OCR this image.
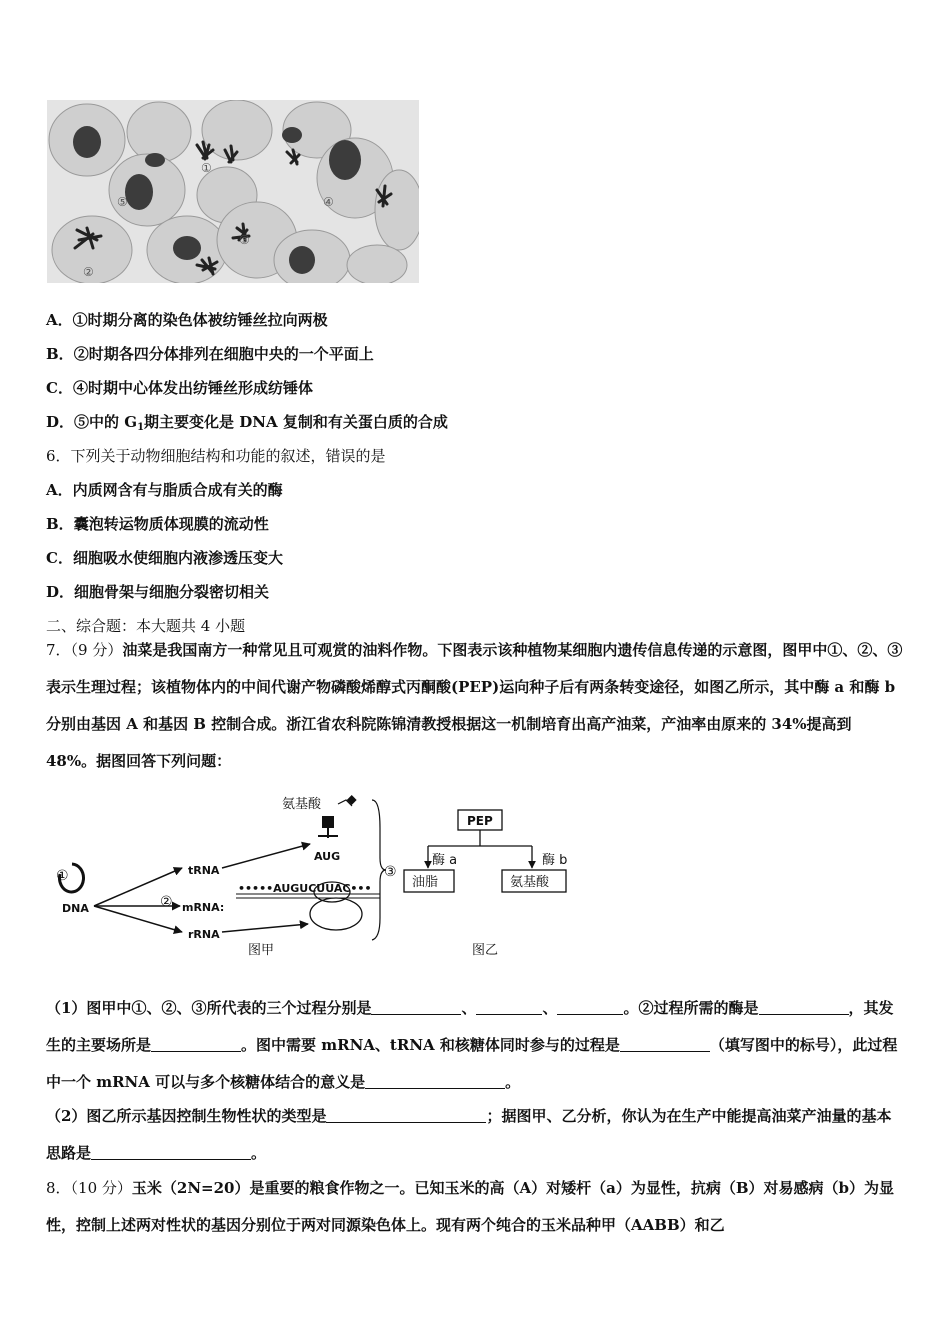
①
②
③
④
⑤
A．①时期分离的染色体被纺锤丝拉向两极
B．②时期各四分体排列在细胞中央的一个平面上
C．④时期中心体发出纺锤丝形成纺锤体
D．⑤中的 $G_1$期主要变化是 DNA 复制和有关蛋白质的合成
6．下列关于动物细胞结构和功能的叙述，错误的是
A．内质网含有与脂质合成有关的酶
B．囊泡转运物质体现膜的流动性
C．细胞吸水使细胞内液渗透压变大
D．细胞骨架与细胞分裂密切相关
二、综合题：本大题共 4 小题
7．（9 分）油菜是我国南方一种常见且可观赏的油料作物。下图表示该种植物某细胞内遗传信息传递的示意图，图甲中①、②、③表示生理过程；该植物体内的中间代谢产物磷酸烯醇式丙酮酸(PEP)运向种子后有两条转变途径，如图乙所示，其中酶 a 和酶 b 分别由基因 A 和基因 B 控制合成。浙江省农科院陈锦清教授根据这一机制培育出高产油菜，产油率由原来的 34%提高到 48%。据图回答下列问题：
①
DNA	②
tRNA
mRNA:
rRNA
氨基酸
AUG
•••••AUGUCUUAC•••
③
图甲
PEP
酶 a	酶 b
油脂	氨基酸
图乙
（1）图甲中①、②、③所代表的三个过程分别是	、	、	。②过程所需的酶是	，其发生的主要场所是	。图中需要 mRNA、tRNA 和核糖体同时参与的过程是	（填写图中的标号），此过程中一个 mRNA 可以与多个核糖体结合的意义是	。
（2）图乙所示基因控制生物性状的类型是	；据图甲、乙分析，你认为在生产中能提高油菜产油量的基本思路是	。
8．（10 分）玉米（2N=20）是重要的粮食作物之一。已知玉米的高（A）对矮杆（a）为显性，抗病（B）对易感病（b）为显性，控制上述两对性状的基因分别位于两对同源染色体上。现有两个纯合的玉米品种甲（AABB）和乙
